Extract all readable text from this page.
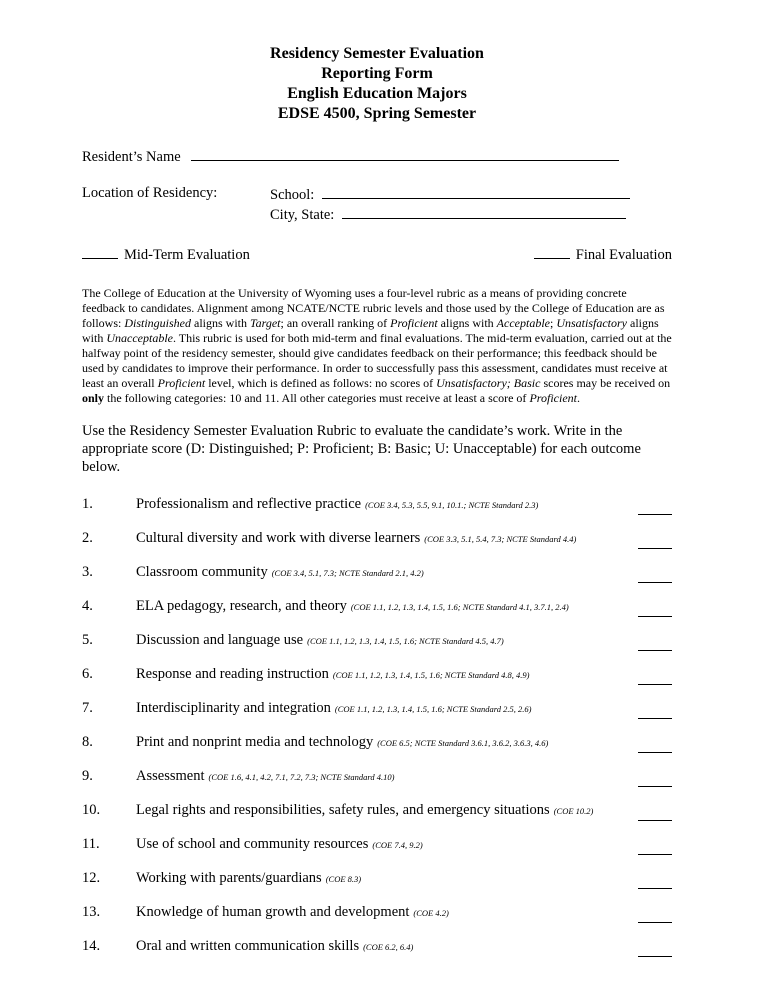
Residency Semester Evaluation
Reporting Form
English Education Majors
EDSE 4500, Spring Semester
Resident’s Name
Location of Residency:	School:
City, State:
Mid-Term Evaluation	Final Evaluation

The College of Education at the University of Wyoming uses a four-level rubric as a means of providing concrete feedback to candidates. Alignment among NCATE/NCTE rubric levels and those used by the College of Education are as follows: Distinguished aligns with Target; an overall ranking of Proficient aligns with Acceptable; Unsatisfactory aligns with Unacceptable. This rubric is used for both mid-term and final evaluations. The mid-term evaluation, carried out at the halfway point of the residency semester, should give candidates feedback on their performance; this feedback should be used by candidates to improve their performance. In order to successfully pass this assessment, candidates must receive at least an overall Proficient level, which is defined as follows: no scores of Unsatisfactory; Basic scores may be received on only the following categories: 10 and 11. All other categories must receive at least a score of Proficient.

Use the Residency Semester Evaluation Rubric to evaluate the candidate’s work. Write in the appropriate score (D: Distinguished; P: Proficient; B: Basic; U: Unacceptable) for each outcome below.

1.	Professionalism and reflective practice (COE 3.4, 5.3, 5.5, 9.1, 10.1.; NCTE Standard 2.3)
2.	Cultural diversity and work with diverse learners (COE 3.3, 5.1, 5.4, 7.3; NCTE Standard 4.4)
3.	Classroom community (COE 3.4, 5.1, 7.3; NCTE Standard 2.1, 4.2)
4.	ELA pedagogy, research, and theory (COE 1.1, 1.2, 1.3, 1.4, 1.5, 1.6; NCTE Standard 4.1, 3.7.1, 2.4)
5.	Discussion and language use (COE 1.1, 1.2, 1.3, 1.4, 1.5, 1.6; NCTE Standard 4.5, 4.7)
6.	Response and reading instruction (COE 1.1, 1.2, 1.3, 1.4, 1.5, 1.6; NCTE Standard 4.8, 4.9)
7.	Interdisciplinarity and integration (COE 1.1, 1.2, 1.3, 1.4, 1.5, 1.6; NCTE Standard 2.5, 2.6)
8.	Print and nonprint media and technology (COE 6.5; NCTE Standard 3.6.1, 3.6.2, 3.6.3, 4.6)
9.	Assessment (COE 1.6, 4.1, 4.2, 7.1, 7.2, 7.3; NCTE Standard 4.10)
10.	Legal rights and responsibilities, safety rules, and emergency situations (COE 10.2)
11.	Use of school and community resources (COE 7.4, 9.2)
12.	Working with parents/guardians (COE 8.3)
13.	Knowledge of human growth and development (COE 4.2)
14.	Oral and written communication skills (COE 6.2, 6.4)
